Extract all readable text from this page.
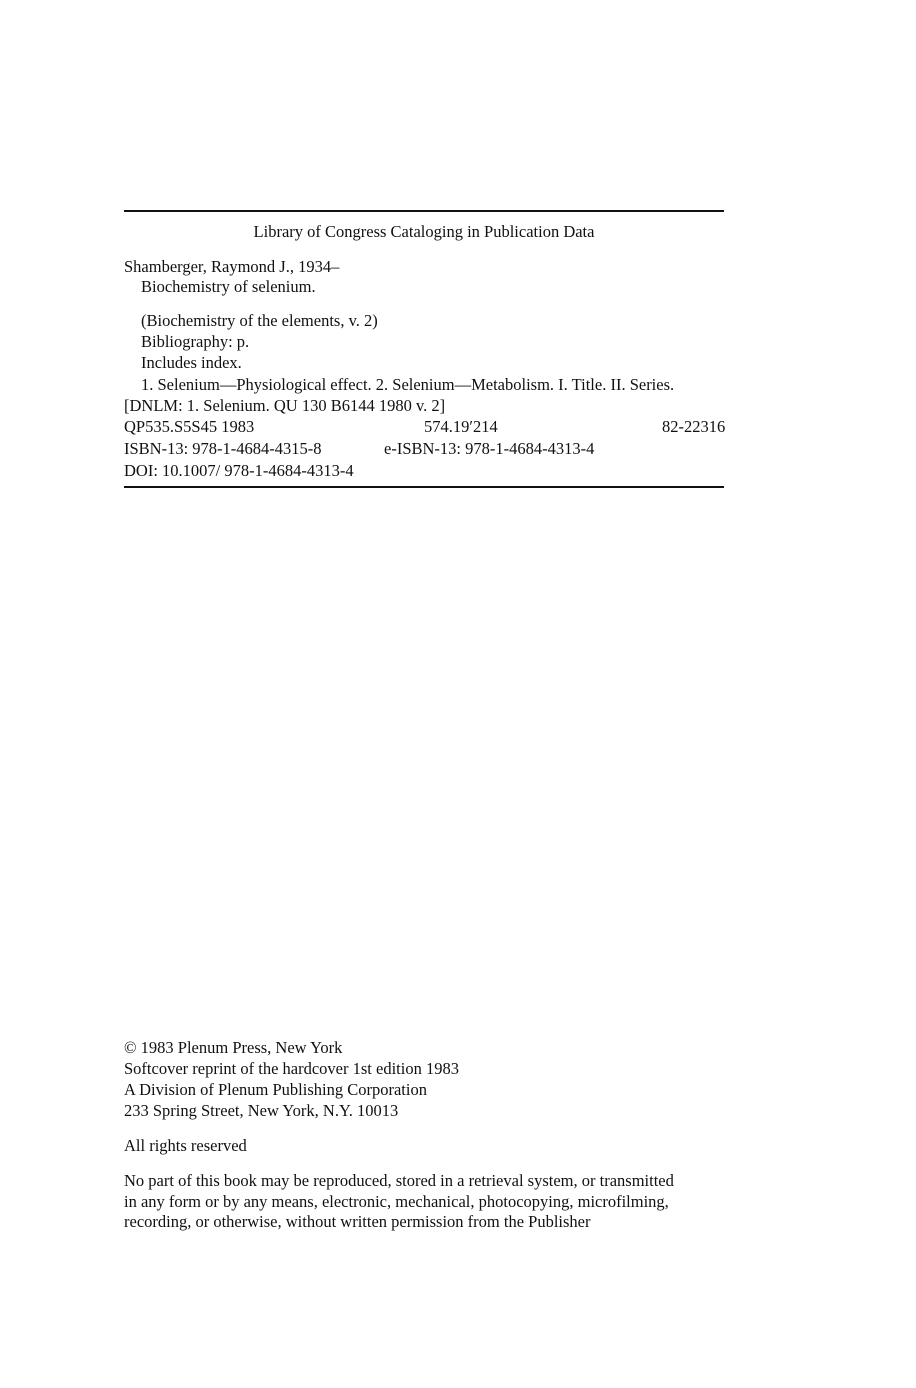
Library of Congress Cataloging in Publication Data
Shamberger, Raymond J., 1934–
Biochemistry of selenium.
(Biochemistry of the elements, v. 2)
Bibliography: p.
Includes index.
1. Selenium—Physiological effect. 2. Selenium—Metabolism. I. Title. II. Series.
[DNLM: 1. Selenium. QU 130 B6144 1980 v. 2]
QP535.S5S45 1983	574.19′214	82-22316
ISBN-13: 978-1-4684-4315-8	e-ISBN-13: 978-1-4684-4313-4
DOI: 10.1007/ 978-1-4684-4313-4
© 1983 Plenum Press, New York
Softcover reprint of the hardcover 1st edition 1983
A Division of Plenum Publishing Corporation
233 Spring Street, New York, N.Y. 10013
All rights reserved
No part of this book may be reproduced, stored in a retrieval system, or transmitted
in any form or by any means, electronic, mechanical, photocopying, microfilming,
recording, or otherwise, without written permission from the Publisher
